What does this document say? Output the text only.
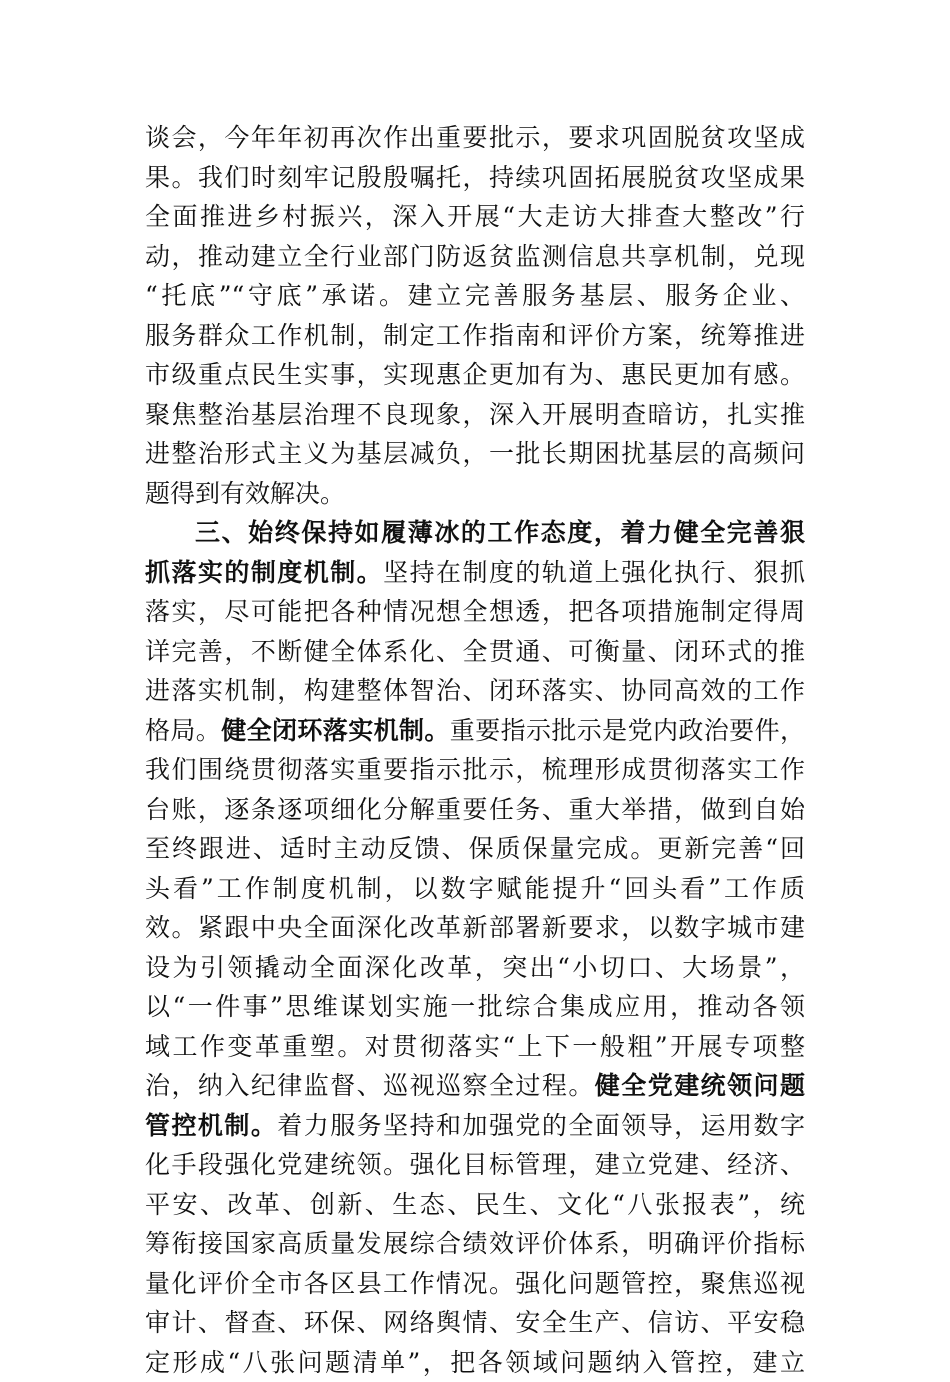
谈会，今年年初再次作出重要批示，要求巩固脱贫攻坚成
果。我们时刻牢记殷殷嘱托，持续巩固拓展脱贫攻坚成果
全面推进乡村振兴，深入开展“大走访大排查大整改”行
动，推动建立全行业部门防返贫监测信息共享机制，兑现
“托底”“守底”承诺。建立完善服务基层、服务企业、
服务群众工作机制，制定工作指南和评价方案，统筹推进
市级重点民生实事，实现惠企更加有为、惠民更加有感。
聚焦整治基层治理不良现象，深入开展明查暗访，扎实推
进整治形式主义为基层减负，一批长期困扰基层的高频问
题得到有效解决。
三、始终保持如履薄冰的工作态度，着力健全完善狠
抓落实的制度机制。坚持在制度的轨道上强化执行、狠抓
落实，尽可能把各种情况想全想透，把各项措施制定得周
详完善，不断健全体系化、全贯通、可衡量、闭环式的推
进落实机制，构建整体智治、闭环落实、协同高效的工作
格局。健全闭环落实机制。重要指示批示是党内政治要件，
我们围绕贯彻落实重要指示批示，梳理形成贯彻落实工作
台账，逐条逐项细化分解重要任务、重大举措，做到自始
至终跟进、适时主动反馈、保质保量完成。更新完善“回
头看”工作制度机制，以数字赋能提升“回头看”工作质
效。紧跟中央全面深化改革新部署新要求，以数字城市建
设为引领撬动全面深化改革，突出“小切口、大场景”，
以“一件事”思维谋划实施一批综合集成应用，推动各领
域工作变革重塑。对贯彻落实“上下一般粗”开展专项整
治，纳入纪律监督、巡视巡察全过程。健全党建统领问题
管控机制。着力服务坚持和加强党的全面领导，运用数字
化手段强化党建统领。强化目标管理，建立党建、经济、
平安、改革、创新、生态、民生、文化“八张报表”，统
筹衔接国家高质量发展综合绩效评价体系，明确评价指标
量化评价全市各区县工作情况。强化问题管控，聚焦巡视
审计、督查、环保、网络舆情、安全生产、信访、平安稳
定形成“八张问题清单”，把各领域问题纳入管控，建立
